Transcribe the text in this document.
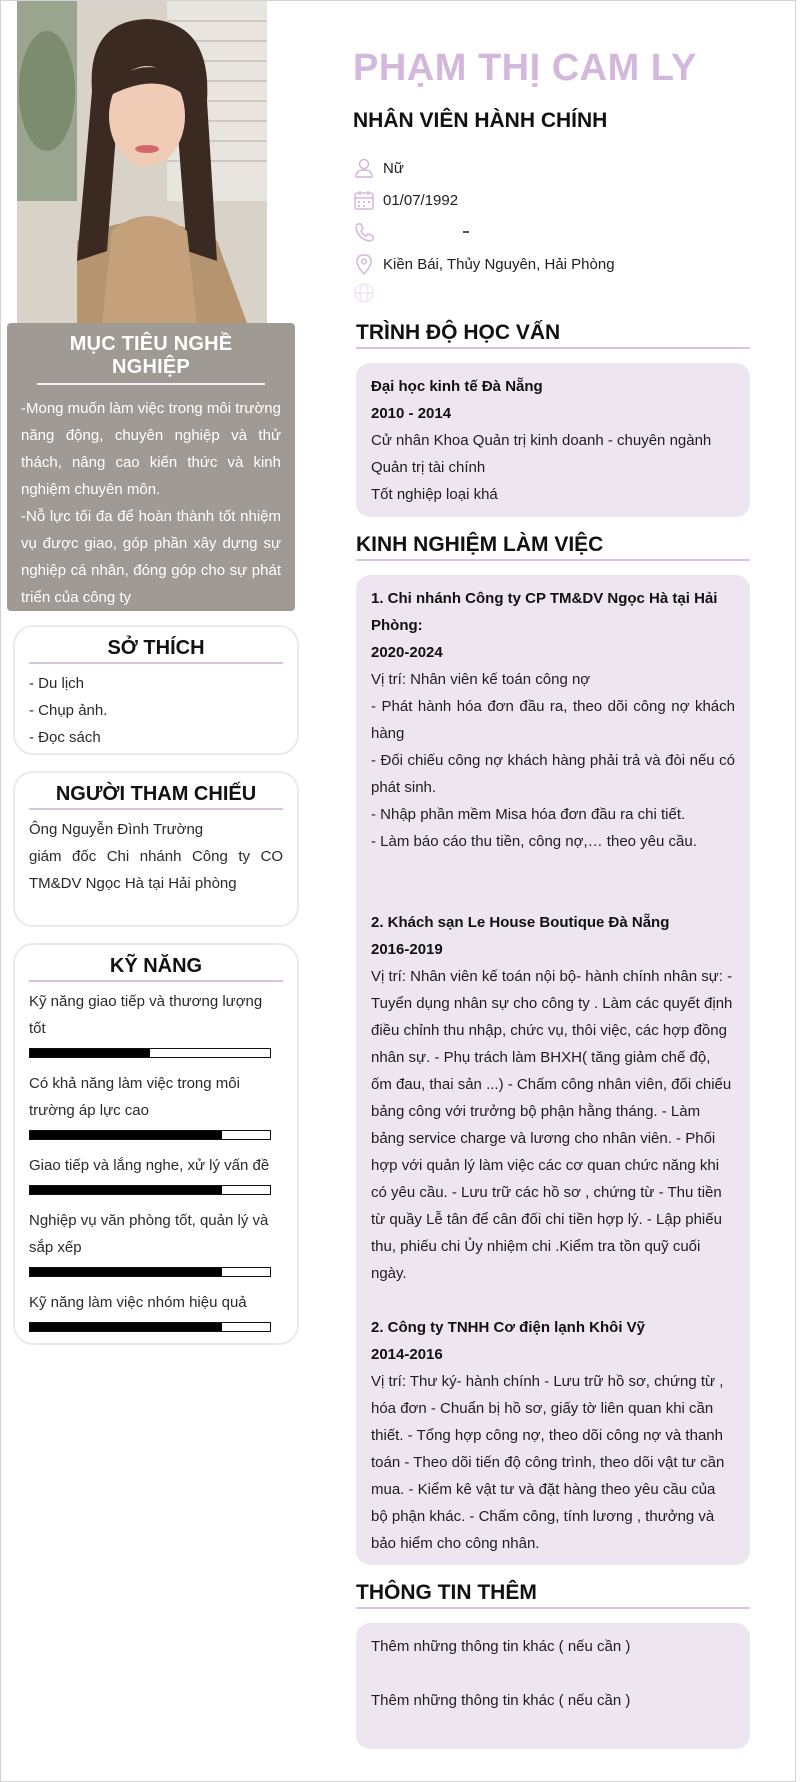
MỤC TIÊU NGHỀ NGHIỆP
-Mong muốn làm việc trong môi trường năng động, chuyên nghiệp và thử thách, nâng cao kiến thức và kinh nghiệm chuyên môn.
-Nỗ lực tối đa để hoàn thành tốt nhiệm vụ được giao, góp phần xây dựng sự nghiệp cá nhân, đóng góp cho sự phát triển của công ty
SỞ THÍCH
- Du lịch
- Chụp ảnh.
- Đọc sách
NGƯỜI THAM CHIẾU
Ông Nguyễn Đình Trường
giám đốc Chi nhánh Công ty CO TM&DV Ngọc Hà tại Hải phòng
KỸ NĂNG
Kỹ năng giao tiếp và thương lượng tốt
Có khả năng làm việc trong môi trường áp lực cao
Giao tiếp và lắng nghe, xử lý vấn đề
Nghiệp vụ văn phòng tốt, quản lý và sắp xếp
Kỹ năng làm việc nhóm hiệu quả
PHẠM THỊ CAM LY
NHÂN VIÊN HÀNH CHÍNH
Nữ
01/07/1992
Kiền Bái, Thủy Nguyên, Hải Phòng
TRÌNH ĐỘ HỌC VẤN
Đại học kinh tế Đà Nẵng
2010 - 2014
Cử nhân Khoa Quản trị kinh doanh - chuyên ngành Quản trị tài chính
Tốt nghiệp loại khá
KINH NGHIỆM LÀM VIỆC
1. Chi nhánh Công ty CP TM&DV Ngọc Hà tại Hải Phòng:
2020-2024
Vị trí: Nhân viên kế toán công nợ
- Phát hành hóa đơn đầu ra, theo dõi công nợ khách hàng
- Đối chiếu công nợ khách hàng phải trả và đòi nếu có phát sinh.
- Nhập phần mềm Misa hóa đơn đầu ra chi tiết.
- Làm báo cáo thu tiền, công nợ,… theo yêu cầu.
2. Khách sạn Le House Boutique Đà Nẵng
2016-2019
Vị trí: Nhân viên kế toán nội bộ- hành chính nhân sự: - Tuyển dụng nhân sự cho công ty . Làm các quyết định điều chỉnh thu nhập, chức vụ, thôi việc, các hợp đồng nhân sự. - Phụ trách làm BHXH( tăng giảm chế độ, ốm đau, thai sản ...) - Chấm công nhân viên, đối chiếu bảng công với trưởng bộ phận hằng tháng. - Làm bảng service charge và lương cho nhân viên. - Phối hợp với quản lý làm việc các cơ quan chức năng khi có yêu cầu. - Lưu trữ các hồ sơ , chứng từ - Thu tiền từ quầy Lễ tân để cân đối chi tiền hợp lý. - Lập phiếu thu, phiếu chi Ủy nhiệm chi .Kiểm tra tồn quỹ cuối ngày.
2. Công ty TNHH Cơ điện lạnh Khôi Vỹ
2014-2016
Vị trí: Thư ký- hành chính - Lưu trữ hồ sơ, chứng từ , hóa đơn - Chuẩn bị hồ sơ, giấy tờ liên quan khi cần thiết. - Tổng hợp công nợ, theo dõi công nợ và thanh toán - Theo dõi tiến độ công trình, theo dõi vật tư cần mua. - Kiểm kê vật tư và đặt hàng theo yêu cầu của bộ phận khác. - Chấm công, tính lương , thưởng và bảo hiểm cho công nhân.
THÔNG TIN THÊM
Thêm những thông tin khác ( nếu cần )
Thêm những thông tin khác ( nếu cần )
